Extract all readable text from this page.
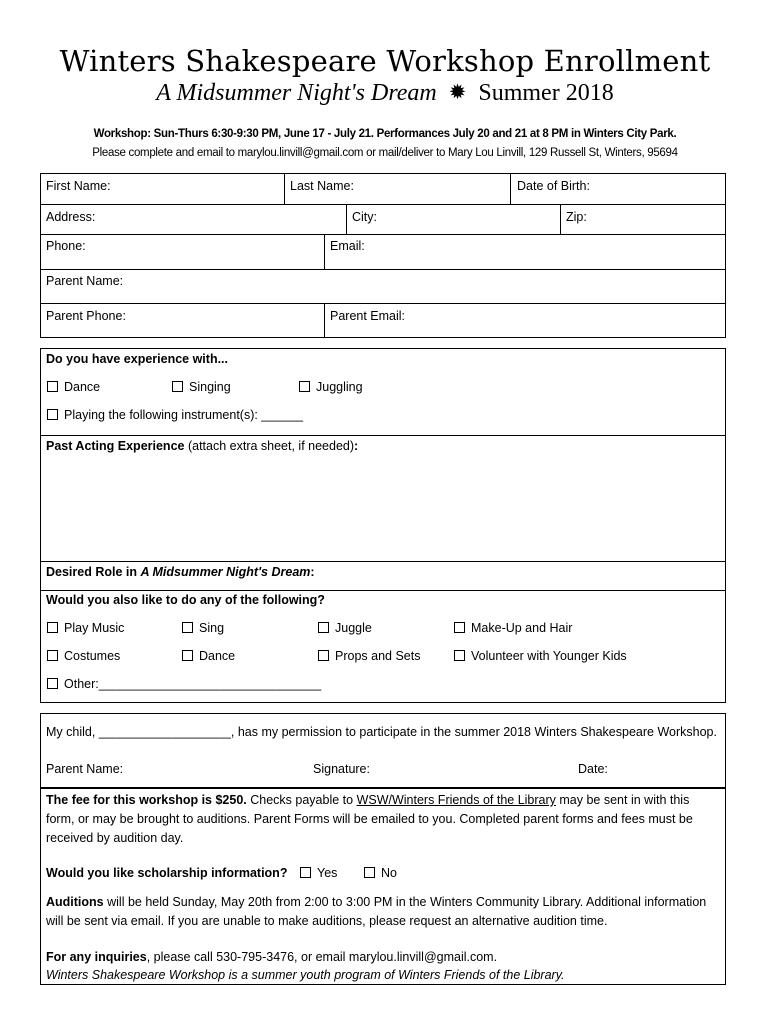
Winters Shakespeare Workshop Enrollment
A Midsummer Night's Dream ✹ Summer 2018
Workshop: Sun-Thurs 6:30-9:30 PM, June 17 - July 21. Performances July 20 and 21 at 8 PM in Winters City Park.
Please complete and email to marylou.linvill@gmail.com or mail/deliver to Mary Lou Linvill, 129 Russell St, Winters, 95694
First Name:	Last Name:	Date of Birth:
Address:	City:	Zip:
Phone:	Email:
Parent Name:
Parent Phone:	Parent Email:
Do you have experience with...
Dance	Singing	Juggling
Playing the following instrument(s): ______
Past Acting Experience (attach extra sheet, if needed):
Desired Role in A Midsummer Night's Dream:
Would you also like to do any of the following?
Play Music	Sing	Juggle	Make-Up and Hair
Costumes	Dance	Props and Sets	Volunteer with Younger Kids
Other:________________________________
My child, ___________________, has my permission to participate in the summer 2018 Winters Shakespeare Workshop.
Parent Name:	Signature:	Date:
The fee for this workshop is $250. Checks payable to WSW/Winters Friends of the Library may be sent in with this form, or may be brought to auditions. Parent Forms will be emailed to you. Completed parent forms and fees must be received by audition day.
Would you like scholarship information?	Yes	No
Auditions will be held Sunday, May 20th from 2:00 to 3:00 PM in the Winters Community Library. Additional information will be sent via email. If you are unable to make auditions, please request an alternative audition time.
For any inquiries, please call 530-795-3476, or email marylou.linvill@gmail.com.
Winters Shakespeare Workshop is a summer youth program of Winters Friends of the Library.
